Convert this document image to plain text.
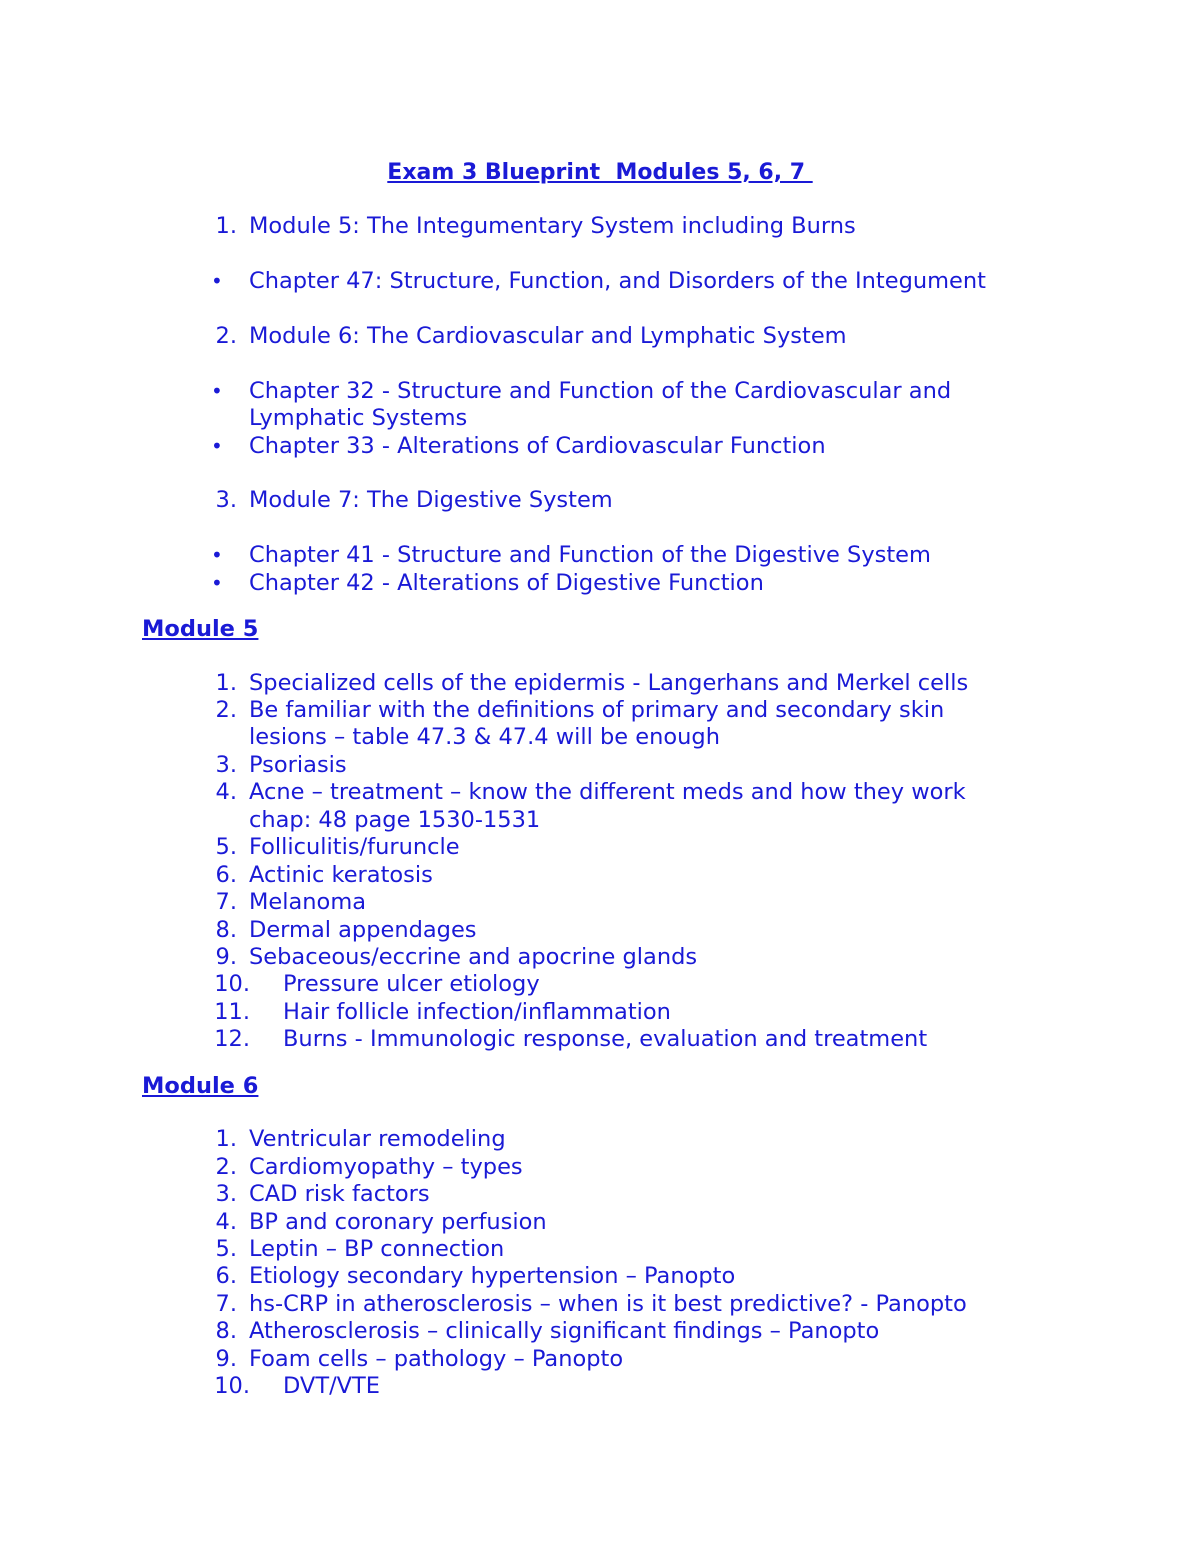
Exam 3 Blueprint  Modules 5, 6, 7
1. Module 5: The Integumentary System including Burns
• Chapter 47: Structure, Function, and Disorders of the Integument
2. Module 6: The Cardiovascular and Lymphatic System
• Chapter 32 - Structure and Function of the Cardiovascular and
Lymphatic Systems
• Chapter 33 - Alterations of Cardiovascular Function
3. Module 7: The Digestive System
• Chapter 41 - Structure and Function of the Digestive System
• Chapter 42 - Alterations of Digestive Function
Module 5
1. Specialized cells of the epidermis - Langerhans and Merkel cells
2. Be familiar with the definitions of primary and secondary skin
lesions – table 47.3 & 47.4 will be enough
3. Psoriasis
4. Acne – treatment – know the different meds and how they work
chap: 48 page 1530-1531
5. Folliculitis/furuncle
6. Actinic keratosis
7. Melanoma
8. Dermal appendages
9. Sebaceous/eccrine and apocrine glands
10. Pressure ulcer etiology
11. Hair follicle infection/inflammation
12. Burns - Immunologic response, evaluation and treatment
Module 6
1. Ventricular remodeling
2. Cardiomyopathy – types
3. CAD risk factors
4. BP and coronary perfusion
5. Leptin – BP connection
6. Etiology secondary hypertension – Panopto
7. hs-CRP in atherosclerosis – when is it best predictive? - Panopto
8. Atherosclerosis – clinically significant findings – Panopto
9. Foam cells – pathology – Panopto
10. DVT/VTE
